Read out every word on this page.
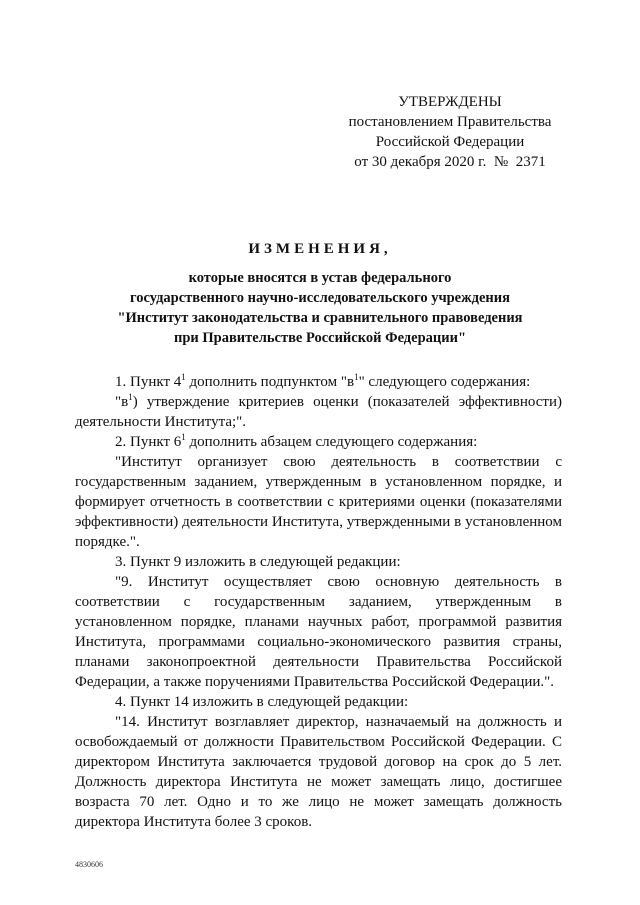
УТВЕРЖДЕНЫ
постановлением Правительства
Российской Федерации
от 30 декабря 2020 г.  №  2371
ИЗМЕНЕНИЯ,
которые вносятся в устав федерального
государственного научно-исследовательского учреждения
"Институт законодательства и сравнительного правоведения
при Правительстве Российской Федерации"

1. Пункт $4^1$ дополнить подпунктом "$в^1$" следующего содержания:

"$в^1$) утверждение критериев оценки (показателей эффективности) деятельности Института;".

2. Пункт $6^1$ дополнить абзацем следующего содержания:

"Институт организует свою деятельность в соответствии с государственным заданием, утвержденным в установленном порядке, и формирует отчетность в соответствии с критериями оценки (показателями эффективности) деятельности Института, утвержденными в установленном порядке.".

3. Пункт 9 изложить в следующей редакции:

"9. Институт осуществляет свою основную деятельность в соответствии с государственным заданием, утвержденным в установленном порядке, планами научных работ, программой развития Института, программами социально-экономического развития страны, планами законопроектной деятельности Правительства Российской Федерации, а также поручениями Правительства Российской Федерации.".

4. Пункт 14 изложить в следующей редакции:

"14. Институт возглавляет директор, назначаемый на должность и освобождаемый от должности Правительством Российской Федерации. С директором Института заключается трудовой договор на срок до 5 лет. Должность директора Института не может замещать лицо, достигшее возраста 70 лет. Одно и то же лицо не может замещать должность директора Института более 3 сроков.

4830606
